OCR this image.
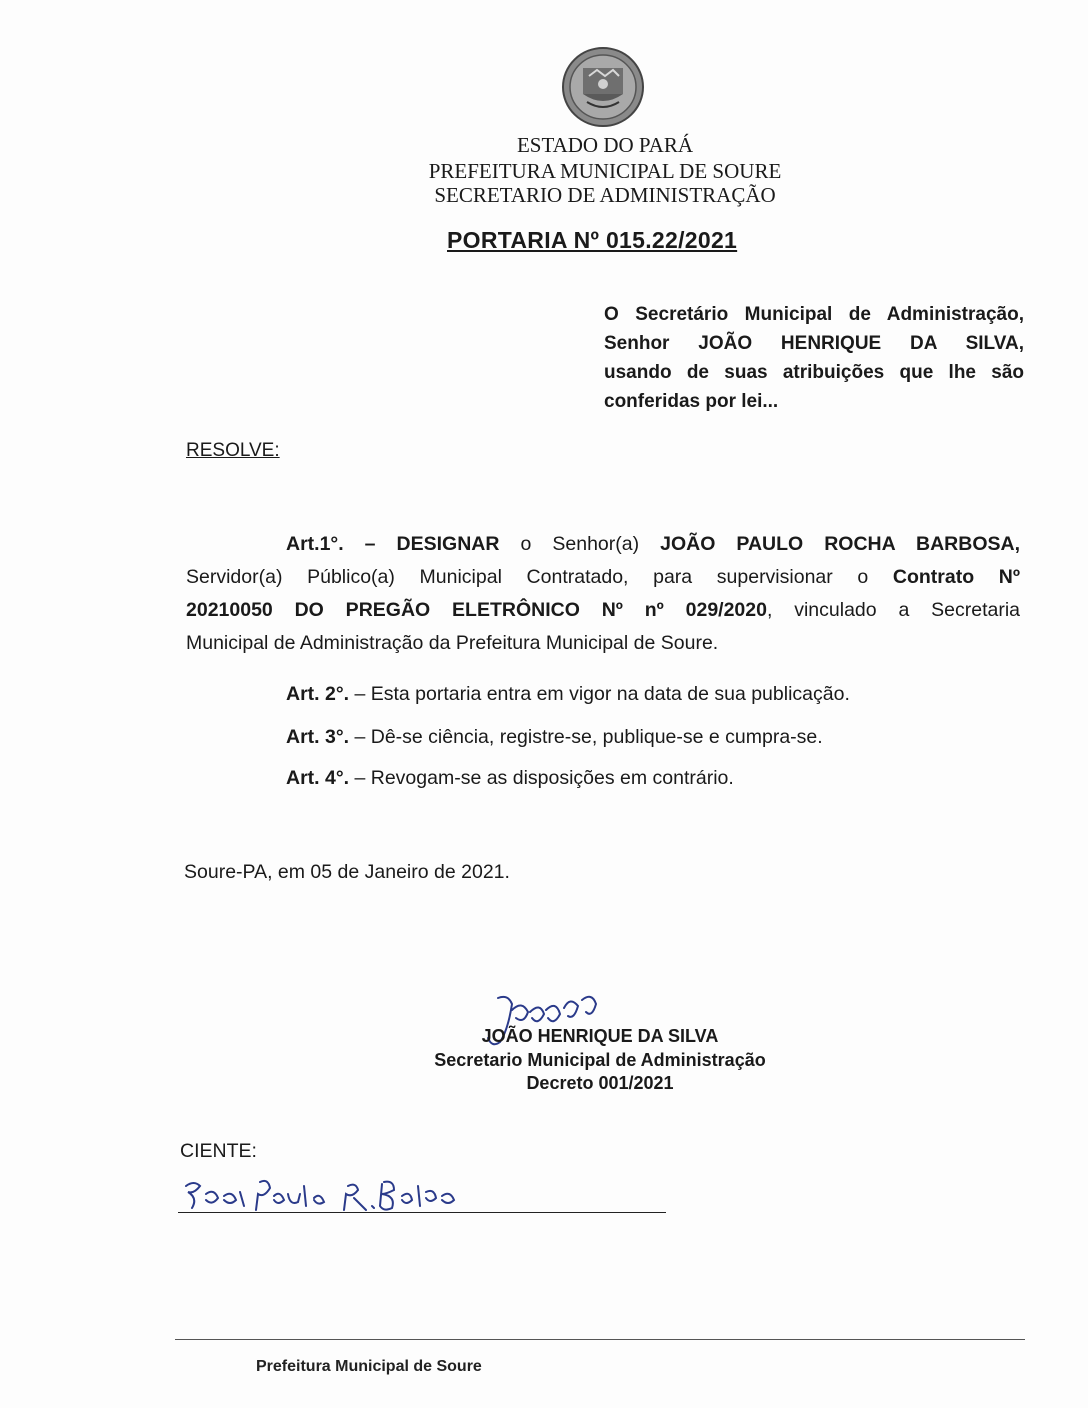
ESTADO DO PARÁ
PREFEITURA MUNICIPAL DE SOURE
SECRETARIO DE ADMINISTRAÇÃO
PORTARIA Nº 015.22/2021
O Secretário Municipal de Administração,
Senhor JOÃO HENRIQUE DA SILVA,
usando de suas atribuições que lhe são
conferidas por lei...
RESOLVE:
Art.1°. – DESIGNAR o Senhor(a) JOÃO PAULO ROCHA BARBOSA,
Servidor(a) Público(a) Municipal Contratado, para supervisionar o Contrato Nº
20210050 DO PREGÃO ELETRÔNICO Nº nº 029/2020, vinculado a Secretaria
Municipal de Administração da Prefeitura Municipal de Soure.
Art. 2°. – Esta portaria entra em vigor na data de sua publicação.
Art. 3°. – Dê-se ciência, registre-se, publique-se e cumpra-se.
Art. 4°. – Revogam-se as disposições em contrário.
Soure-PA, em 05 de Janeiro de 2021.
JOÃO HENRIQUE DA SILVA
Secretario Municipal de Administração
Decreto 001/2021
CIENTE:
Prefeitura Municipal de Soure
